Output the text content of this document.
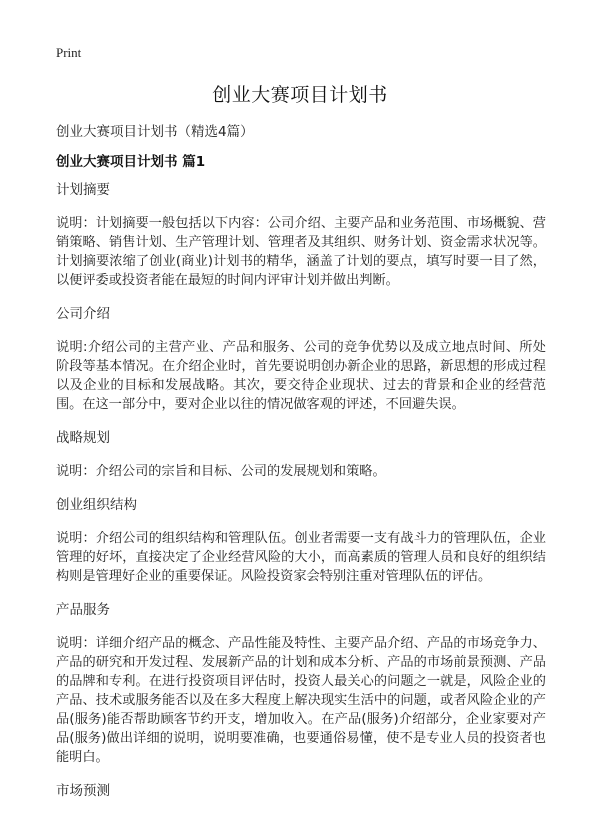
Print
创业大赛项目计划书

创业大赛项目计划书（精选4篇）

创业大赛项目计划书 篇1

计划摘要

说明：计划摘要一般包括以下内容：公司介绍、主要产品和业务范围、市场概貌、营销策略、销售计划、生产管理计划、管理者及其组织、财务计划、资金需求状况等。计划摘要浓缩了创业(商业)计划书的精华，涵盖了计划的要点，填写时要一目了然，以便评委或投资者能在最短的时间内评审计划并做出判断。

公司介绍

说明:介绍公司的主营产业、产品和服务、公司的竞争优势以及成立地点时间、所处阶段等基本情况。在介绍企业时，首先要说明创办新企业的思路，新思想的形成过程以及企业的目标和发展战略。其次，要交待企业现状、过去的背景和企业的经营范围。在这一部分中，要对企业以往的情况做客观的评述，不回避失误。

战略规划

说明：介绍公司的宗旨和目标、公司的发展规划和策略。

创业组织结构

说明：介绍公司的组织结构和管理队伍。创业者需要一支有战斗力的管理队伍，企业管理的好坏，直接决定了企业经营风险的大小，而高素质的管理人员和良好的组织结构则是管理好企业的重要保证。风险投资家会特别注重对管理队伍的评估。

产品服务

说明：详细介绍产品的概念、产品性能及特性、主要产品介绍、产品的市场竞争力、产品的研究和开发过程、发展新产品的计划和成本分析、产品的市场前景预测、产品的品牌和专利。在进行投资项目评估时，投资人最关心的问题之一就是，风险企业的产品、技术或服务能否以及在多大程度上解决现实生活中的问题，或者风险企业的产品(服务)能否帮助顾客节约开支，增加收入。在产品(服务)介绍部分，企业家要对产品(服务)做出详细的说明，说明要准确，也要通俗易懂，使不是专业人员的投资者也能明白。

市场预测
